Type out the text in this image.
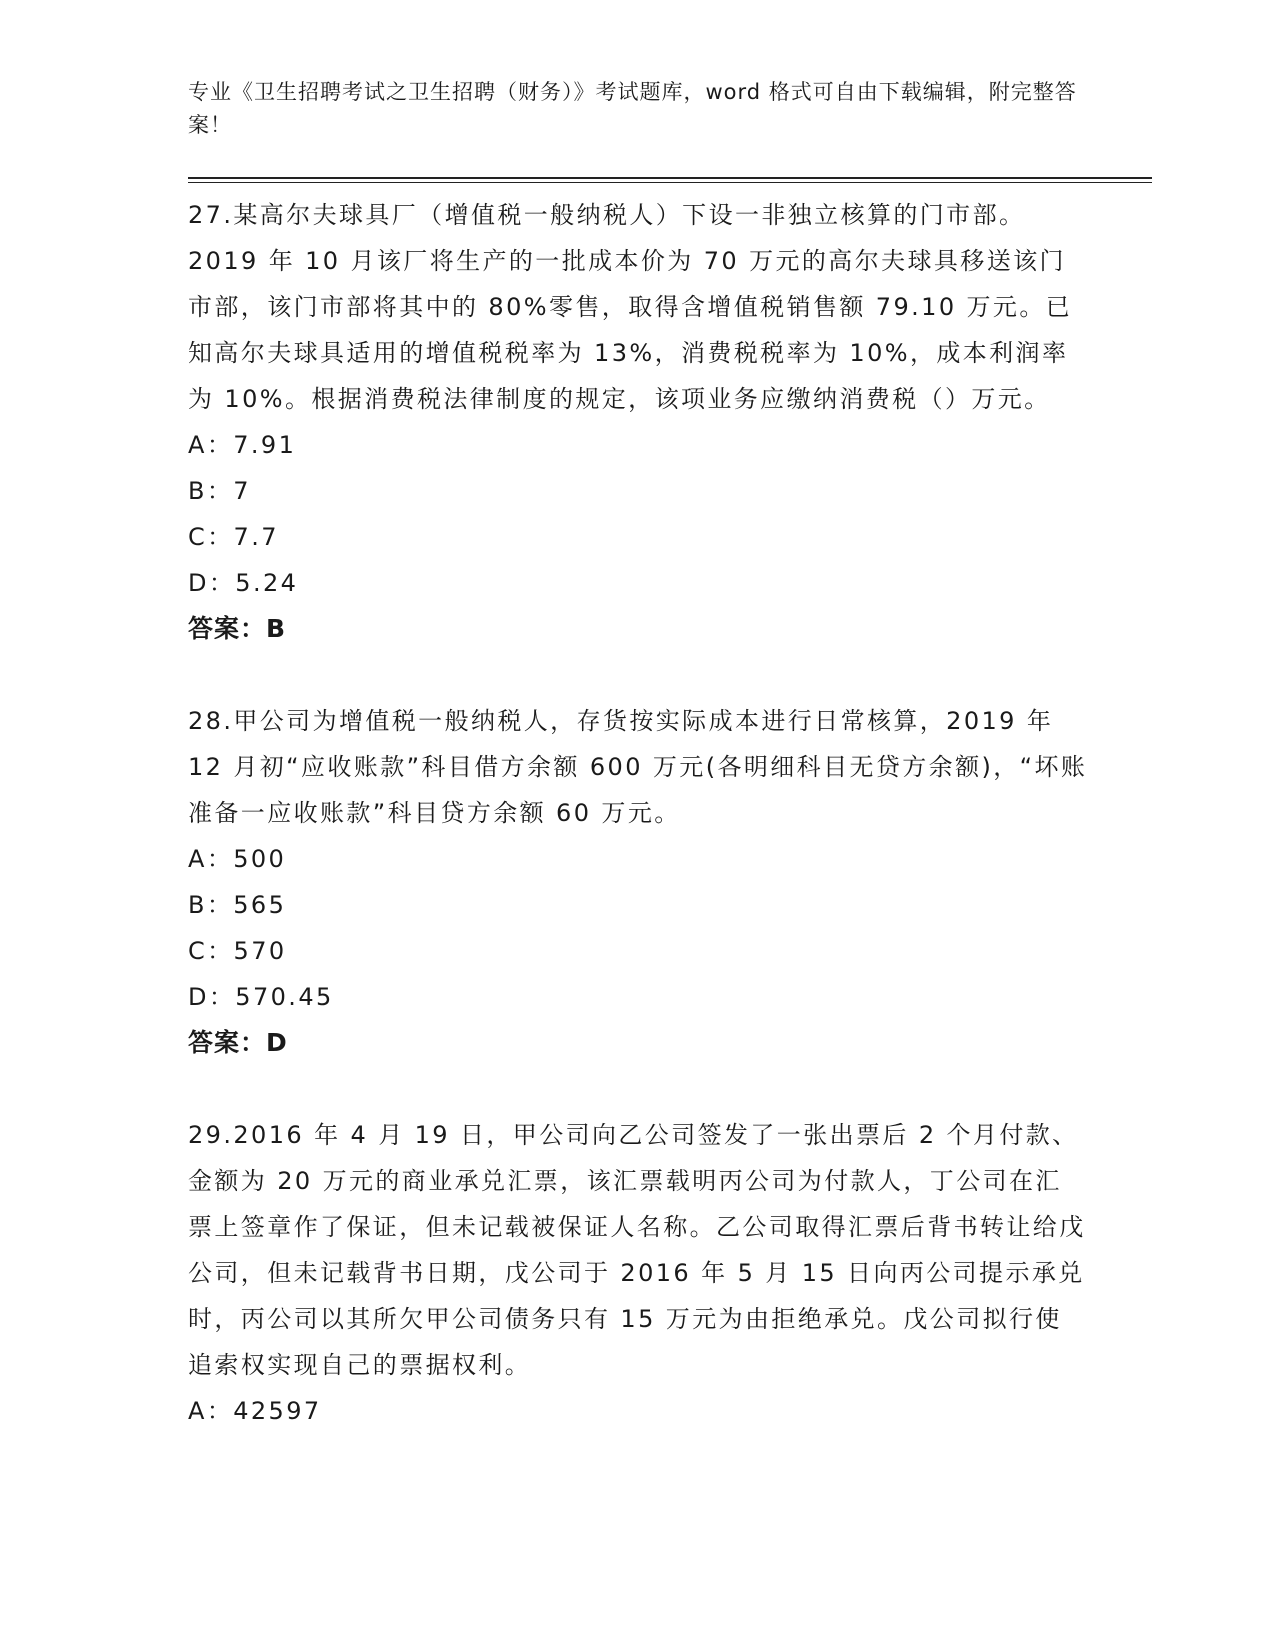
专业《卫生招聘考试之卫生招聘（财务）》考试题库，word 格式可自由下载编辑，附完整答案！

27.某高尔夫球具厂（增值税一般纳税人）下设一非独立核算的门市部。2019 年 10 月该厂将生产的一批成本价为 70 万元的高尔夫球具移送该门市部，该门市部将其中的 80%零售，取得含增值税销售额 79.10 万元。已知高尔夫球具适用的增值税税率为 13%，消费税税率为 10%，成本利润率为 10%。根据消费税法律制度的规定，该项业务应缴纳消费税（）万元。

A：7.91

B：7

C：7.7

D：5.24

答案：B

28.甲公司为增值税一般纳税人，存货按实际成本进行日常核算，2019 年 12 月初“应收账款”科目借方余额 600 万元(各明细科目无贷方余额)，“坏账准备一应收账款”科目贷方余额 60 万元。

A：500

B：565

C：570

D：570.45

答案：D

29.2016 年 4 月 19 日，甲公司向乙公司签发了一张出票后 2 个月付款、金额为 20 万元的商业承兑汇票，该汇票载明丙公司为付款人，丁公司在汇票上签章作了保证，但未记载被保证人名称。乙公司取得汇票后背书转让给戊公司，但未记载背书日期，戊公司于 2016 年 5 月 15 日向丙公司提示承兑时，丙公司以其所欠甲公司债务只有 15 万元为由拒绝承兑。戊公司拟行使追索权实现自己的票据权利。

A：42597
